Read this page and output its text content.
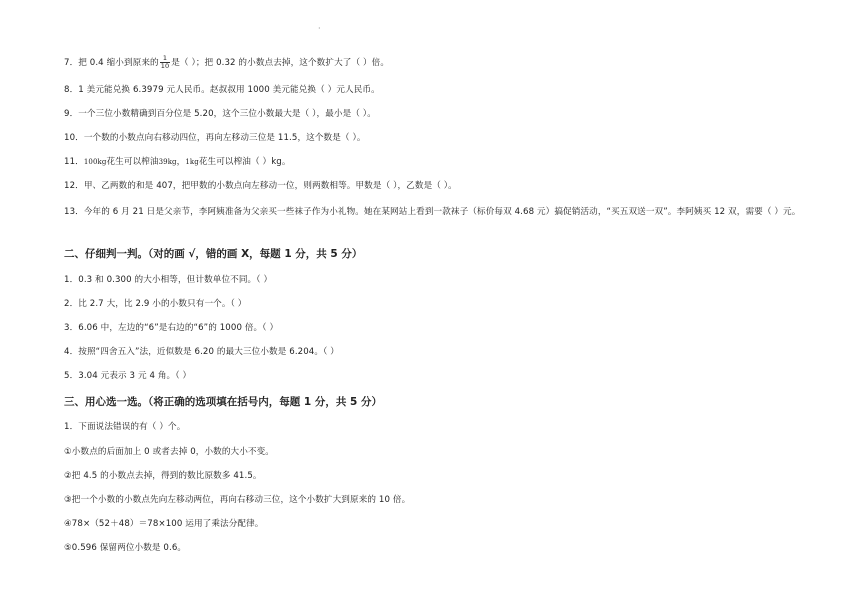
·
7．把 0.4 缩小到原来的 $\frac{1}{10}$ 是（ ）；把 0.32 的小数点去掉，这个数扩大了（ ）倍。
8．1 美元能兑换 6.3979 元人民币。赵叔叔用 1000 美元能兑换（ ）元人民币。
9．一个三位小数精确到百分位是 5.20，这个三位小数最大是（ ），最小是（ ）。
10．一个数的小数点向右移动四位，再向左移动三位是 11.5，这个数是（ ）。
11．100kg花生可以榨油39kg，1kg花生可以榨油（ ）kg。
12．甲、乙两数的和是 407，把甲数的小数点向左移动一位，则两数相等。甲数是（ ），乙数是（ ）。
13．今年的 6 月 21 日是父亲节，李阿姨准备为父亲买一些袜子作为小礼物。她在某网站上看到一款袜子（标价每双 4.68 元）搞促销活动，“买五双送一双”。李阿姨买 12 双，需要（ ）元。
二、仔细判一判。（对的画 √，错的画 X，每题 1 分，共 5 分）
1．0.3 和 0.300 的大小相等，但计数单位不同。（ ）
2．比 2.7 大，比 2.9 小的小数只有一个。（ ）
3．6.06 中，左边的“6”是右边的“6”的 1000 倍。（ ）
4．按照“四舍五入”法，近似数是 6.20 的最大三位小数是 6.204。（ ）
5．3.04 元表示 3 元 4 角。（ ）
三、用心选一选。（将正确的选项填在括号内，每题 1 分，共 5 分）
1．下面说法错误的有（ ）个。
①小数点的后面加上 0 或者去掉 0，小数的大小不变。
②把 4.5 的小数点去掉，得到的数比原数多 41.5。
③把一个小数的小数点先向左移动两位，再向右移动三位，这个小数扩大到原来的 10 倍。
④78×（52＋48）＝78×100 运用了乘法分配律。
⑤0.596 保留两位小数是 0.6。
